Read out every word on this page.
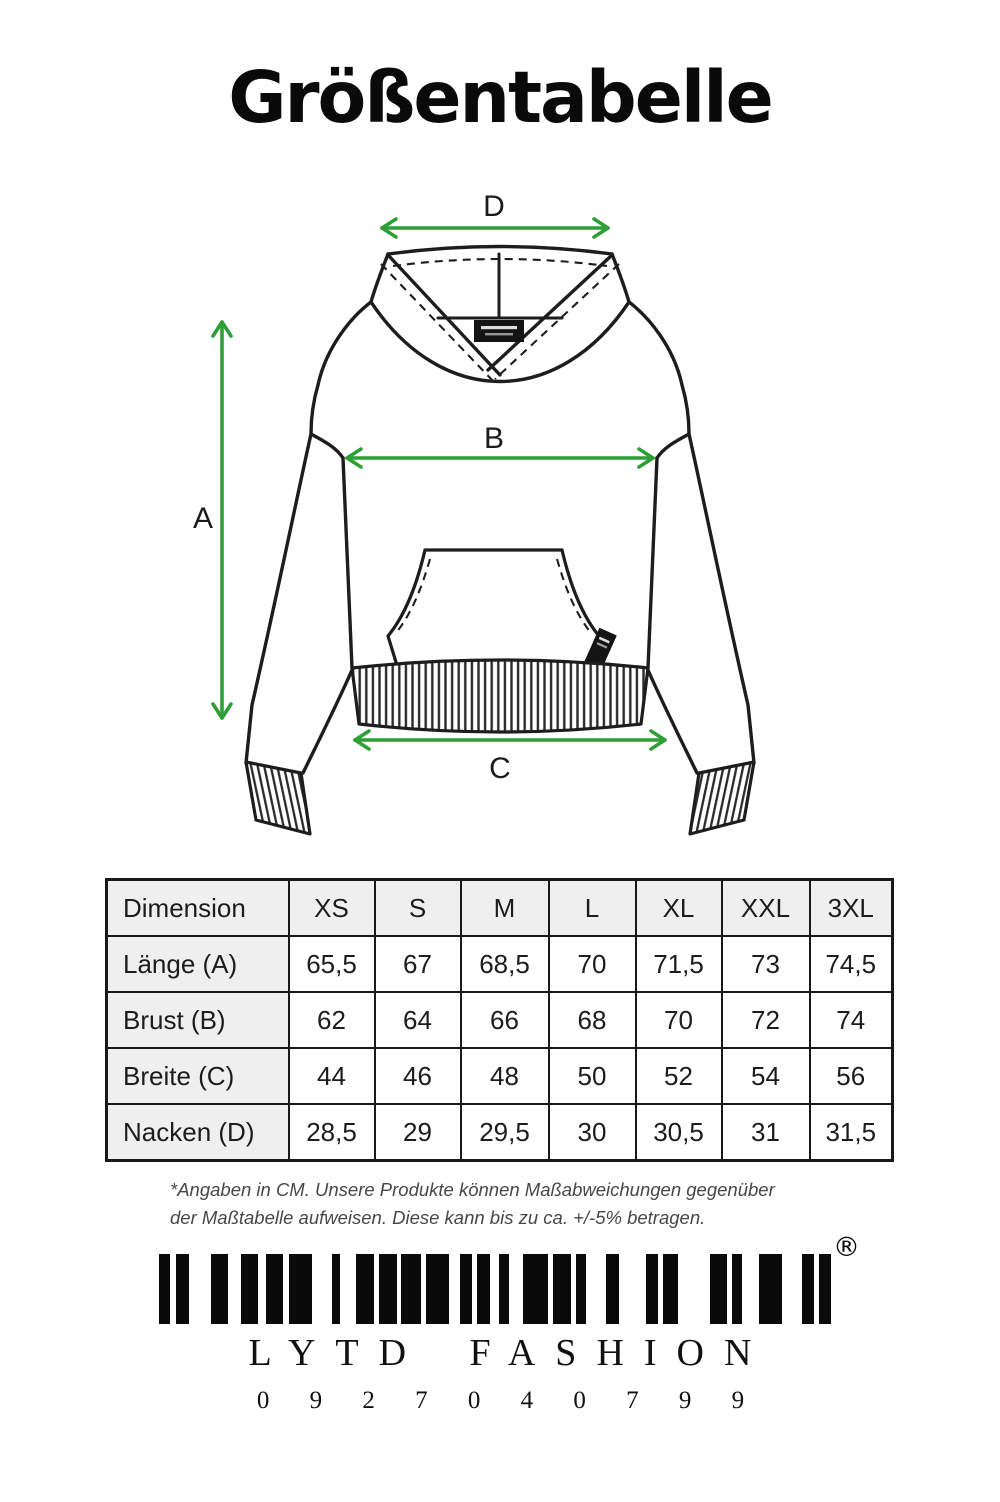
Größentabelle
D
B
A
C
Dimension	XS	S	M	L	XL	XXL	3XL
Länge (A)	65,5	67	68,5	70	71,5	73	74,5
Brust (B)	62	64	66	68	70	72	74
Breite (C)	44	46	48	50	52	54	56
Nacken (D)	28,5	29	29,5	30	30,5	31	31,5
*Angaben in CM. Unsere Produkte können Maßabweichungen gegenüber
der Maßtabelle aufweisen. Diese kann bis zu ca. +/-5% betragen.
®
LYTD FASHION
0 9 2 7 0 4 0 7 9 9
